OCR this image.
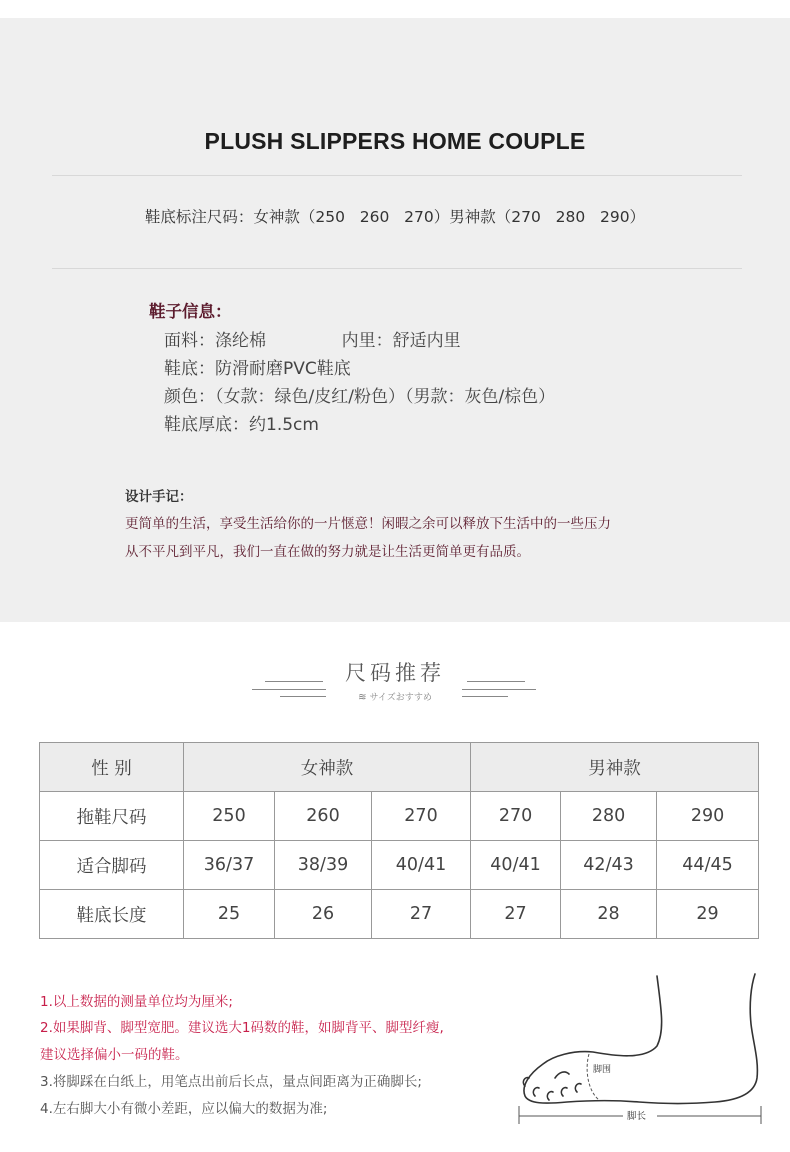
PLUSH SLIPPERS HOME COUPLE
鞋底标注尺码：女神款（250   260   270）男神款（270   280   290）
鞋子信息：
面料：涤纶棉              内里：舒适内里
鞋底：防滑耐磨PVC鞋底
颜色：（女款：绿色/皮红/粉色）（男款：灰色/棕色）
鞋底厚底：约1.5cm
设计手记：
更简单的生活，享受生活给你的一片惬意！闲暇之余可以释放下生活中的一些压力
从不平凡到平凡，我们一直在做的努力就是让生活更简单更有品质。
尺码推荐
≋ サイズおすすめ
性 别	女神款			男神款		
拖鞋尺码	250	260	270	270	280	290
适合脚码	36/37	38/39	40/41	40/41	42/43	44/45
鞋底长度	25	26	27	27	28	29
1.以上数据的测量单位均为厘米;
2.如果脚背、脚型宽肥。建议选大1码数的鞋，如脚背平、脚型纤瘦,
建议选择偏小一码的鞋。
3.将脚踩在白纸上，用笔点出前后长点，量点间距离为正确脚长;
4.左右脚大小有微小差距，应以偏大的数据为准;
脚围
脚长
